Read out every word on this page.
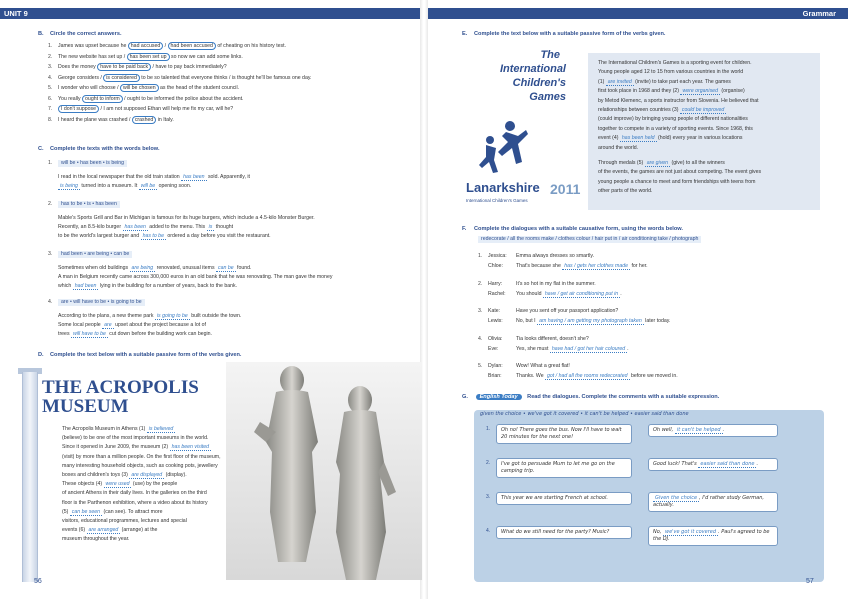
UNIT 9	Grammar
B. Circle the correct answers.
1. James was upset because he had accused / had been accused of cheating on his history test.
2. The new website has set up / has been set up so now we can add some links.
3. Does the money have to be paid back / have to pay back immediately?
4. George considers / is considered to be so talented that everyone thinks / is thought he'll be famous one day.
5. I wonder who will choose / will be chosen as the head of the student council.
6. You really ought to inform / ought to be informed the police about the accident.
7. I don't suppose / I am not supposed Ethan will help me fix my car, will he?
8. I heard the plane was crashed / crashed in Italy.
C. Complete the texts with the words below.
1. will be • has been • is being
I read in the local newspaper that the old train station has been sold. Apparently, it
is being turned into a museum. It will be opening soon.
2. has to be • is • has been
Mable's Sports Grill and Bar in Michigan is famous for its huge burgers, which include a 4.5-kilo Monster Burger.
Recently, an 8.5-kilo burger has been added to the menu. This is thought
to be the world's largest burger and has to be ordered a day before you visit the restaurant.
3. had been • are being • can be
Sometimes when old buildings are being renovated, unusual items can be found.
A man in Belgium recently came across 300,000 euros in an old bank that he was renovating. The man gave the money
which had been lying in the building for a number of years, back to the bank.
4. are • will have to be • is going to be
According to the plans, a new theme park is going to be built outside the town.
Some local people are upset about the project because a lot of
trees will have to be cut down before the building work can begin.
D. Complete the text below with a suitable passive form of the verbs given.
THE ACROPOLIS
MUSEUM
The Acropolis Museum in Athens (1) is believed
(believe) to be one of the most important museums in the world.
Since it opened in June 2009, the museum (2) has been visited
(visit) by more than a million people. On the first floor of the museum,
many interesting household objects, such as cooking pots, jewellery
boxes and children's toys (3) are displayed (display).
These objects (4) were used (use) by the people
of ancient Athens in their daily lives. In the galleries on the third
floor is the Parthenon exhibition, where a video about its history
(5) can be seen (can see). To attract more
visitors, educational programmes, lectures and special
events (6) are arranged (arrange) at the
museum throughout the year.
56
E. Complete the text below with a suitable passive form of the verbs given.
The
International
Children's
Games
Lanarkshire 2011
International Children's Games
The International Children's Games is a sporting event for children.
Young people aged 12 to 15 from various countries in the world
(1) are invited (invite) to take part each year. The games
first took place in 1968 and they (2) were organised (organise)
by Metod Klemenc, a sports instructor from Slovenia. He believed that
relationships between countries (3) could be improved
(could improve) by bringing young people of different nationalities
together to compete in a variety of sporting events. Since 1968, this
event (4) has been held (hold) every year in various locations
around the world.
Through medals (5) are given (give) to all the winners
of the events, the games are not just about competing. The event gives
young people a chance to meet and form friendships with teens from
other parts of the world.
F. Complete the dialogues with a suitable causative form, using the words below.
redecorate / all the rooms make / clothes colour / hair put in / air conditioning take / photograph
1. Jessica: Emma always dresses so smartly.
Chloe:	That's because she has / gets her clothes made for her.
2. Harry:	It's so hot in my flat in the summer.
Rachel: You should have / get air conditioning put in .
3. Kate:	Have you sent off your passport application?
Lewis:	No, but I am having / am getting my photograph taken later today.
4. Olivia:	Tia looks different, doesn't she?
Eve:	Yes, she must have had / got her hair coloured .
5. Dylan:	Wow! What a great flat!
Brian:	Thanks. We got / had all the rooms redecorated before we moved in.
G. English Today Read the dialogues. Complete the comments with a suitable expression.
given the choice • we've got it covered • it can't be helped • easier said than done
1.	Oh no! There goes the bus. Now I'll have to wait 20 minutes for the next one!
Oh well, it can't be helped .
2.	I've got to persuade Mum to let me go on the camping trip.
Good luck! That's easier said than done .
3.	This year we are starting French at school.	Given the choice , I'd rather study German, actually.
4.	What do we still need for the party? Music?	No, we've got it covered . Paul's agreed to be the DJ.
57
